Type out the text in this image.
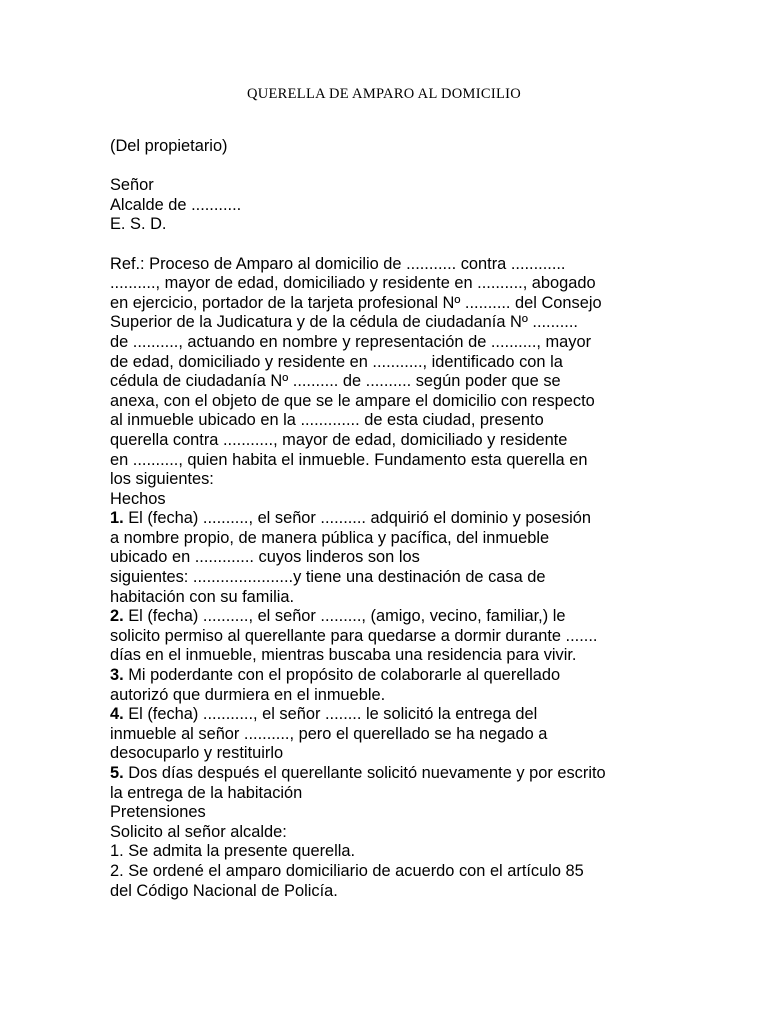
QUERELLA DE AMPARO AL DOMICILIO
(Del propietario)
Señor
Alcalde de ...........
E. S. D.
Ref.: Proceso de Amparo al domicilio de ........... contra ............
.........., mayor de edad, domiciliado y residente en .........., abogado
en ejercicio, portador de la tarjeta profesional Nº .......... del Consejo
Superior de la Judicatura y de la cédula de ciudadanía Nº ..........
de .........., actuando en nombre y representación de .........., mayor
de edad, domiciliado y residente en ..........., identificado con la
cédula de ciudadanía Nº .......... de .......... según poder que se
anexa, con el objeto de que se le ampare el domicilio con respecto
al inmueble ubicado en la ............. de esta ciudad, presento
querella contra ..........., mayor de edad, domiciliado y residente
en .........., quien habita el inmueble. Fundamento esta querella en
los siguientes:
Hechos
1. El (fecha) .........., el señor .......... adquirió el dominio y posesión
a nombre propio, de manera pública y pacífica, del inmueble
ubicado en ............. cuyos linderos son los
siguientes: ......................y tiene una destinación de casa de
habitación con su familia.
2. El (fecha) .........., el señor ........., (amigo, vecino, familiar,) le
solicito permiso al querellante para quedarse a dormir durante .......
días en el inmueble, mientras buscaba una residencia para vivir.
3. Mi poderdante con el propósito de colaborarle al querellado
autorizó que durmiera en el inmueble.
4. El (fecha) ..........., el señor ........ le solicitó la entrega del
inmueble al señor .........., pero el querellado se ha negado a
desocuparlo y restituirlo
5. Dos días después el querellante solicitó nuevamente y por escrito
la entrega de la habitación
Pretensiones
Solicito al señor alcalde:
1. Se admita la presente querella.
2. Se ordené el amparo domiciliario de acuerdo con el artículo 85
del Código Nacional de Policía.
